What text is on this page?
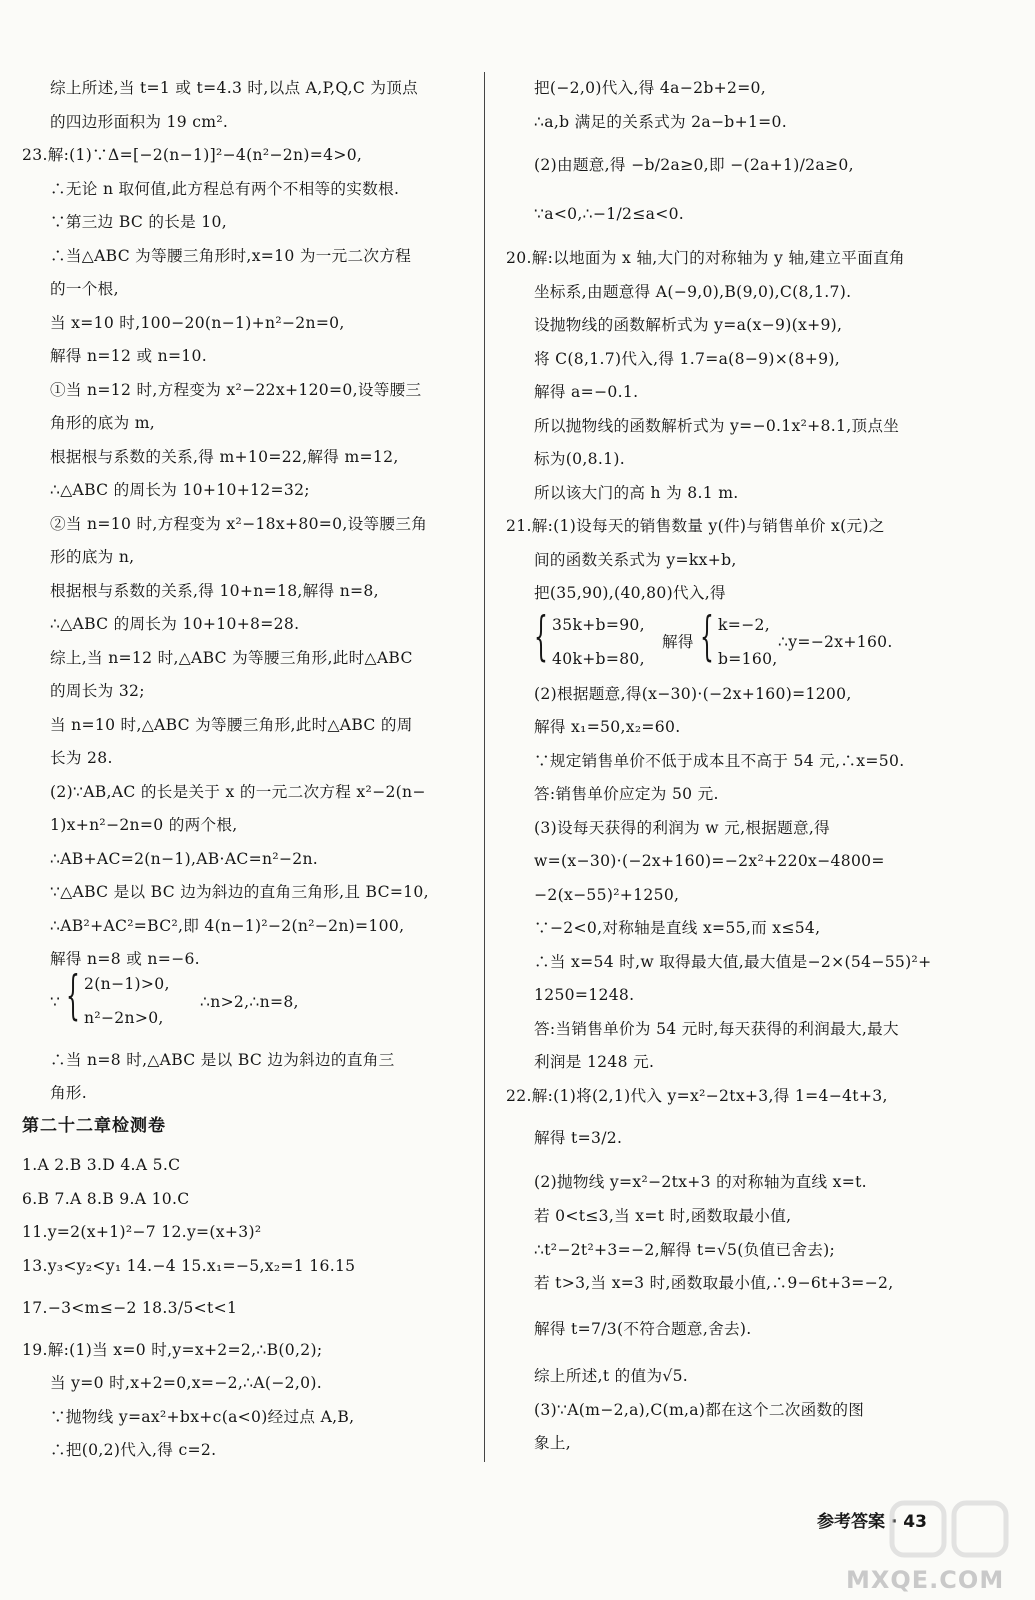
综上所述,当 t=1 或 t=4.3 时,以点 A,P,Q,C 为顶点
的四边形面积为 19 cm².
23.解:(1)∵Δ=[−2(n−1)]²−4(n²−2n)=4>0,
∴无论 n 取何值,此方程总有两个不相等的实数根.
∵第三边 BC 的长是 10,
∴当△ABC 为等腰三角形时,x=10 为一元二次方程
的一个根,
当 x=10 时,100−20(n−1)+n²−2n=0,
解得 n=12 或 n=10.
①当 n=12 时,方程变为 x²−22x+120=0,设等腰三
角形的底为 m,
根据根与系数的关系,得 m+10=22,解得 m=12,
∴△ABC 的周长为 10+10+12=32;
②当 n=10 时,方程变为 x²−18x+80=0,设等腰三角
形的底为 n,
根据根与系数的关系,得 10+n=18,解得 n=8,
∴△ABC 的周长为 10+10+8=28.
综上,当 n=12 时,△ABC 为等腰三角形,此时△ABC
的周长为 32;
当 n=10 时,△ABC 为等腰三角形,此时△ABC 的周
长为 28.
(2)∵AB,AC 的长是关于 x 的一元二次方程 x²−2(n−
1)x+n²−2n=0 的两个根,
∴AB+AC=2(n−1),AB·AC=n²−2n.
∵△ABC 是以 BC 边为斜边的直角三角形,且 BC=10,
∴AB²+AC²=BC²,即 4(n−1)²−2(n²−2n)=100,
解得 n=8 或 n=−6.
∴当 n=8 时,△ABC 是以 BC 边为斜边的直角三
角形.
1.A 2.B 3.D 4.A 5.C
6.B 7.A 8.B 9.A 10.C
11.y=2(x+1)²−7 12.y=(x+3)²
13.y₃<y₂<y₁ 14.−4 15.x₁=−5,x₂=1 16.15
17.−3<m≤−2 18.3/5<t<1
19.解:(1)当 x=0 时,y=x+2=2,∴B(0,2);
当 y=0 时,x+2=0,x=−2,∴A(−2,0).
∵抛物线 y=ax²+bx+c(a<0)经过点 A,B,
∴把(0,2)代入,得 c=2.
∵ { 2(n−1)>0,
n²−2n>0,
∴n>2,∴n=8,
第二十二章检测卷
把(−2,0)代入,得 4a−2b+2=0,
∴a,b 满足的关系式为 2a−b+1=0.
(2)由题意,得 −b/2a≥0,即 −(2a+1)/2a≥0,
∵a<0,∴−1/2≤a<0.
20.解:以地面为 x 轴,大门的对称轴为 y 轴,建立平面直角
坐标系,由题意得 A(−9,0),B(9,0),C(8,1.7).
设抛物线的函数解析式为 y=a(x−9)(x+9),
将 C(8,1.7)代入,得 1.7=a(8−9)×(8+9),
解得 a=−0.1.
所以抛物线的函数解析式为 y=−0.1x²+8.1,顶点坐
标为(0,8.1).
所以该大门的高 h 为 8.1 m.
21.解:(1)设每天的销售数量 y(件)与销售单价 x(元)之
间的函数关系式为 y=kx+b,
把(35,90),(40,80)代入,得
(2)根据题意,得(x−30)·(−2x+160)=1200,
解得 x₁=50,x₂=60.
∵规定销售单价不低于成本且不高于 54 元,∴x=50.
答:销售单价应定为 50 元.
(3)设每天获得的利润为 w 元,根据题意,得
w=(x−30)·(−2x+160)=−2x²+220x−4800=
−2(x−55)²+1250,
∵−2<0,对称轴是直线 x=55,而 x≤54,
∴当 x=54 时,w 取得最大值,最大值是−2×(54−55)²+
1250=1248.
答:当销售单价为 54 元时,每天获得的利润最大,最大
利润是 1248 元.
22.解:(1)将(2,1)代入 y=x²−2tx+3,得 1=4−4t+3,
解得 t=3/2.
(2)抛物线 y=x²−2tx+3 的对称轴为直线 x=t.
若 0<t≤3,当 x=t 时,函数取最小值,
∴t²−2t²+3=−2,解得 t=√5(负值已舍去);
若 t>3,当 x=3 时,函数取最小值,∴9−6t+3=−2,
解得 t=7/3(不符合题意,舍去).
综上所述,t 的值为√5.
(3)∵A(m−2,a),C(m,a)都在这个二次函数的图
象上,
{ 35k+b=90,
40k+b=80,
解得 { k=−2,
b=160,
∴y=−2x+160.
参考答案 · 43
MXQE.COM
